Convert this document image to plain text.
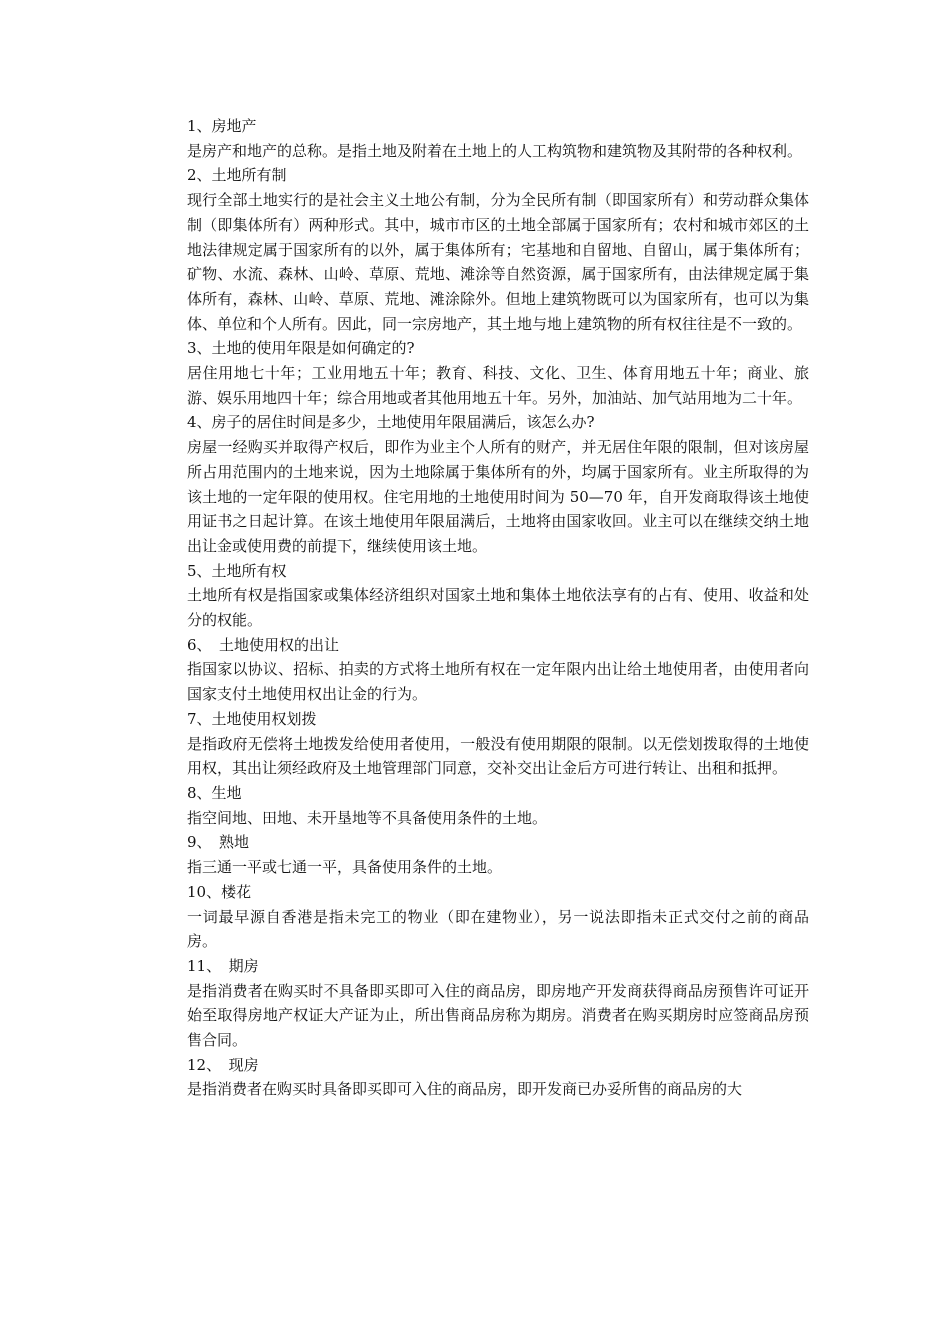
1、房地产
是房产和地产的总称。是指土地及附着在土地上的人工构筑物和建筑物及其附带的各种权利。
2、土地所有制
现行全部土地实行的是社会主义土地公有制，分为全民所有制（即国家所有）和劳动群众集体制（即集体所有）两种形式。其中，城市市区的土地全部属于国家所有；农村和城市郊区的土地法律规定属于国家所有的以外，属于集体所有；宅基地和自留地、自留山，属于集体所有；矿物、水流、森林、山岭、草原、荒地、滩涂等自然资源，属于国家所有，由法律规定属于集体所有，森林、山岭、草原、荒地、滩涂除外。但地上建筑物既可以为国家所有，也可以为集体、单位和个人所有。因此，同一宗房地产，其土地与地上建筑物的所有权往往是不一致的。
3、土地的使用年限是如何确定的?
居住用地七十年；工业用地五十年；教育、科技、文化、卫生、体育用地五十年；商业、旅游、娱乐用地四十年；综合用地或者其他用地五十年。另外，加油站、加气站用地为二十年。
4、房子的居住时间是多少，土地使用年限届满后，该怎么办?
房屋一经购买并取得产权后，即作为业主个人所有的财产，并无居住年限的限制，但对该房屋所占用范围内的土地来说，因为土地除属于集体所有的外，均属于国家所有。业主所取得的为该土地的一定年限的使用权。住宅用地的土地使用时间为 50—70 年，自开发商取得该土地使用证书之日起计算。在该土地使用年限届满后，土地将由国家收回。业主可以在继续交纳土地出让金或使用费的前提下，继续使用该土地。
5、土地所有权
土地所有权是指国家或集体经济组织对国家土地和集体土地依法享有的占有、使用、收益和处分的权能。
6、　土地使用权的出让
指国家以协议、招标、拍卖的方式将土地所有权在一定年限内出让给土地使用者，由使用者向国家支付土地使用权出让金的行为。
7、土地使用权划拨
是指政府无偿将土地拨发给使用者使用，一般没有使用期限的限制。以无偿划拨取得的土地使用权，其出让须经政府及土地管理部门同意，交补交出让金后方可进行转让、出租和抵押。
8、生地
指空间地、田地、未开垦地等不具备使用条件的土地。
9、　熟地
指三通一平或七通一平，具备使用条件的土地。
10、楼花
一词最早源自香港是指未完工的物业（即在建物业），另一说法即指未正式交付之前的商品房。
11、　期房
是指消费者在购买时不具备即买即可入住的商品房，即房地产开发商获得商品房预售许可证开始至取得房地产权证大产证为止，所出售商品房称为期房。消费者在购买期房时应签商品房预售合同。
12、　现房
是指消费者在购买时具备即买即可入住的商品房，即开发商已办妥所售的商品房的大
